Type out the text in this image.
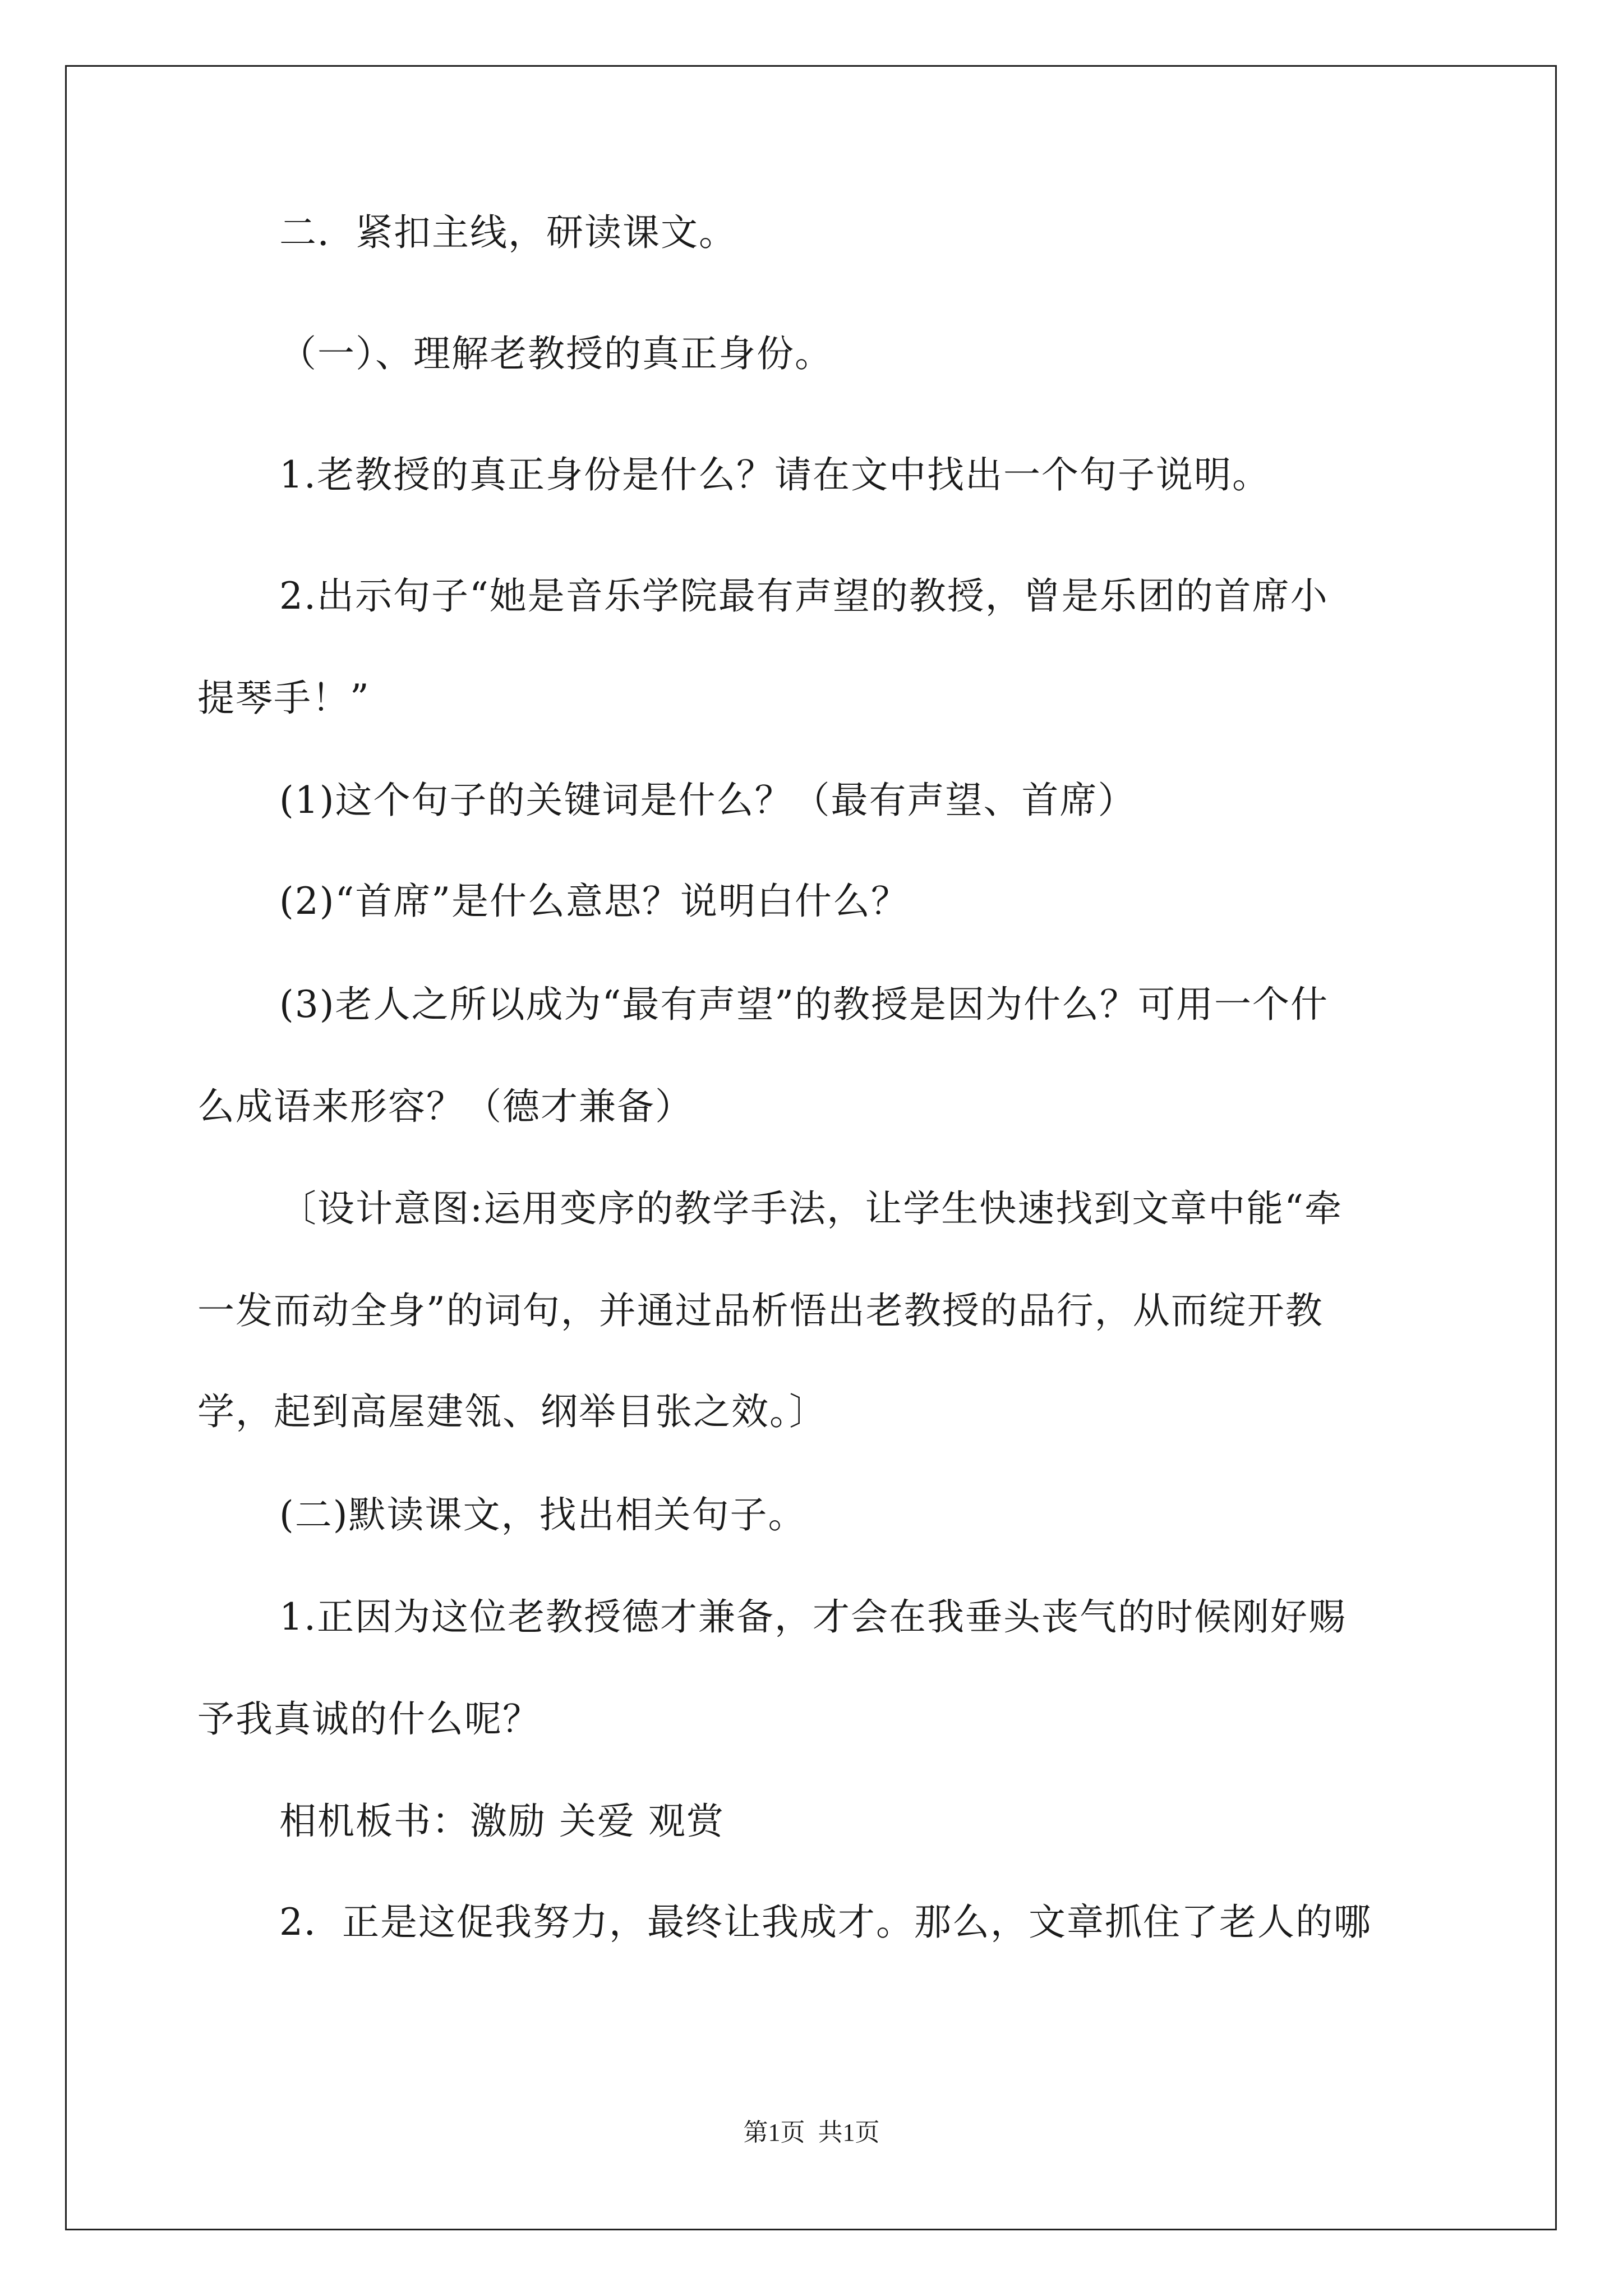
二．紧扣主线，研读课文。
（一）、理解老教授的真正身份。
1.老教授的真正身份是什么？请在文中找出一个句子说明。
2.出示句子“她是音乐学院最有声望的教授，曾是乐团的首席小
提琴手！”
(1)这个句子的关键词是什么？（最有声望、首席）
(2)“首席”是什么意思？说明白什么？
(3)老人之所以成为“最有声望”的教授是因为什么？可用一个什
么成语来形容？（德才兼备）
〔设计意图:运用变序的教学手法，让学生快速找到文章中能“牵
一发而动全身”的词句，并通过品析悟出老教授的品行，从而绽开教
学，起到高屋建瓴、纲举目张之效。〕
(二)默读课文，找出相关句子。
1.正因为这位老教授德才兼备，才会在我垂头丧气的时候刚好赐
予我真诚的什么呢？
相机板书：激励 关爱 观赏
2．正是这促我努力，最终让我成才。那么，文章抓住了老人的哪
第1页 共1页
